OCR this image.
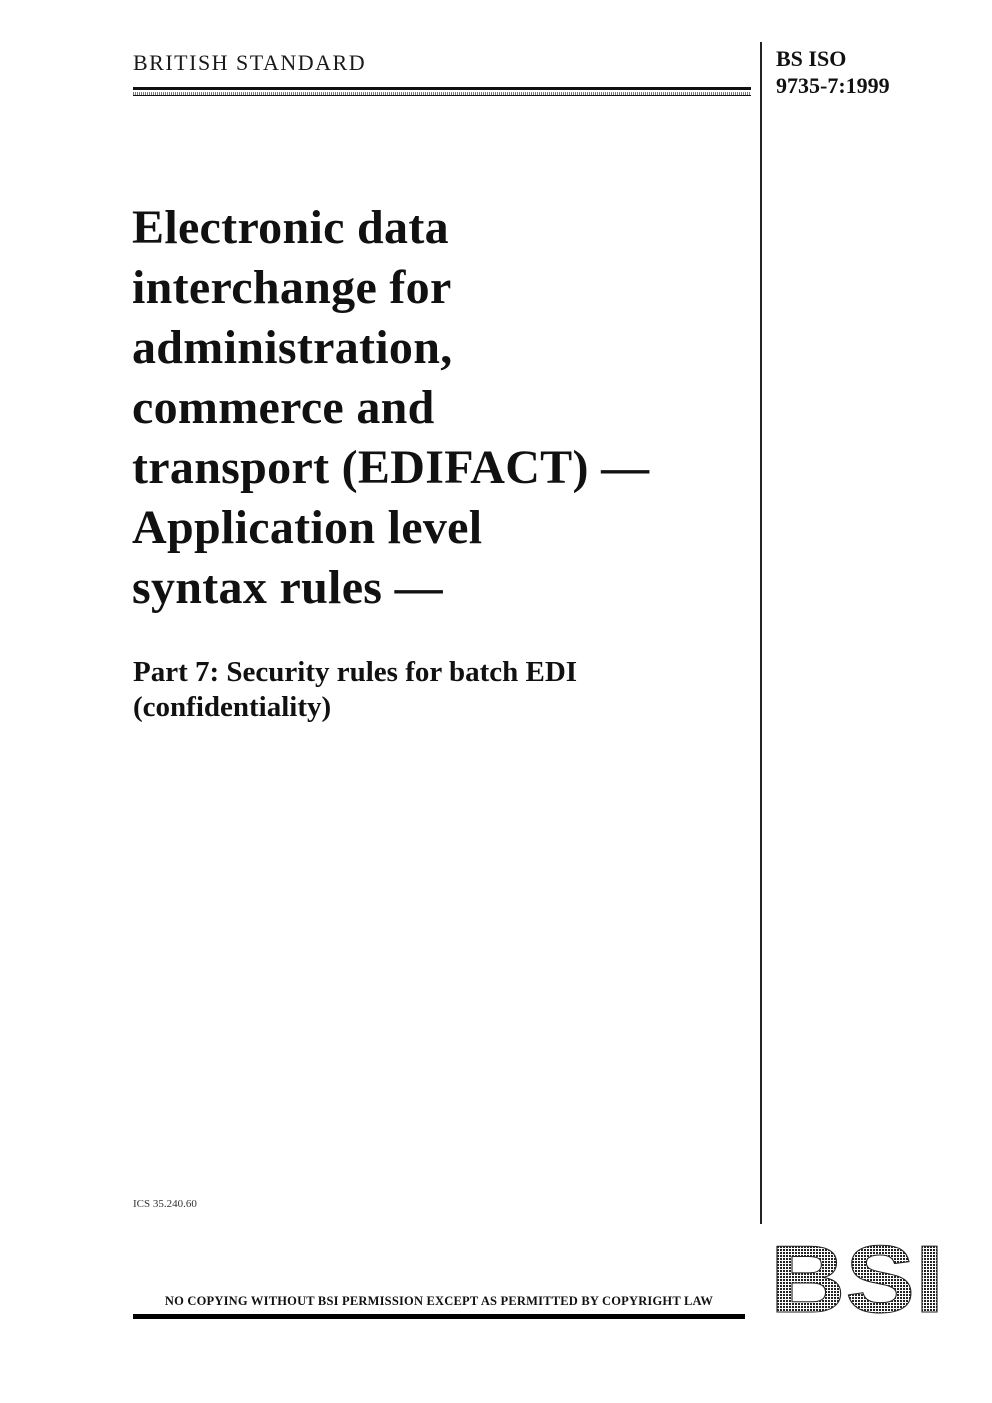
BRITISH STANDARD	BS ISO
9735-7:1999
Electronic data
interchange for
administration,
commerce and
transport (EDIFACT) —
Application level
syntax rules —
Part 7: Security rules for batch EDI
(confidentiality)
ICS 35.240.60
NO COPYING WITHOUT BSI PERMISSION EXCEPT AS PERMITTED BY COPYRIGHT LAW BSI
